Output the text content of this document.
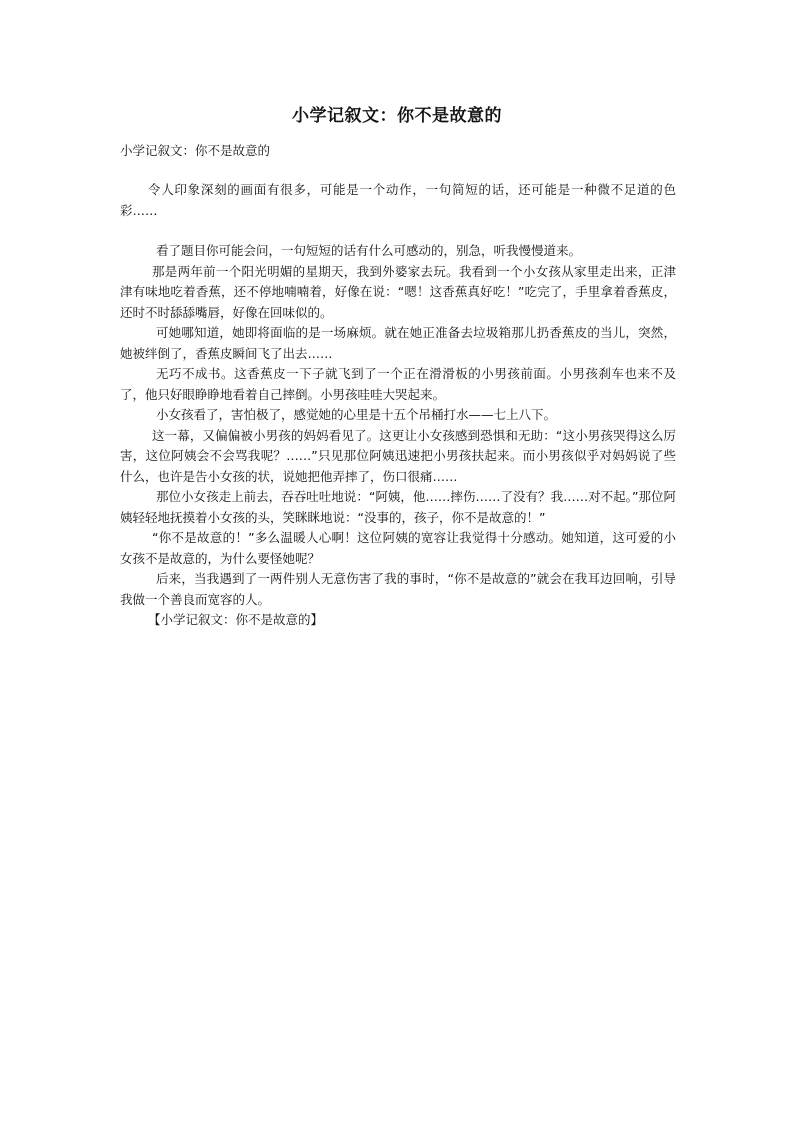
小学记叙文：你不是故意的
小学记叙文：你不是故意的

令人印象深刻的画面有很多，可能是一个动作，一句简短的话，还可能是一种微不足道的色彩……

看了题目你可能会问，一句短短的话有什么可感动的，别急，听我慢慢道来。

那是两年前一个阳光明媚的星期天，我到外婆家去玩。我看到一个小女孩从家里走出来，正津津有味地吃着香蕉，还不停地喃喃着，好像在说：“嗯！这香蕉真好吃！”吃完了，手里拿着香蕉皮，还时不时舔舔嘴唇，好像在回味似的。

可她哪知道，她即将面临的是一场麻烦。就在她正准备去垃圾箱那儿扔香蕉皮的当儿，突然，她被绊倒了，香蕉皮瞬间飞了出去……

无巧不成书。这香蕉皮一下子就飞到了一个正在滑滑板的小男孩前面。小男孩刹车也来不及了，他只好眼睁睁地看着自己摔倒。小男孩哇哇大哭起来。

小女孩看了，害怕极了，感觉她的心里是十五个吊桶打水——七上八下。

这一幕，又偏偏被小男孩的妈妈看见了。这更让小女孩感到恐惧和无助：“这小男孩哭得这么厉害，这位阿姨会不会骂我呢？……”只见那位阿姨迅速把小男孩扶起来。而小男孩似乎对妈妈说了些什么，也许是告小女孩的状，说她把他弄摔了，伤口很痛……

那位小女孩走上前去，吞吞吐吐地说：“阿姨，他……摔伤……了没有？我……对不起。”那位阿姨轻轻地抚摸着小女孩的头，笑眯眯地说：“没事的，孩子，你不是故意的！”

“你不是故意的！”多么温暖人心啊！这位阿姨的宽容让我觉得十分感动。她知道，这可爱的小女孩不是故意的，为什么要怪她呢？

后来，当我遇到了一两件别人无意伤害了我的事时，“你不是故意的”就会在我耳边回响，引导我做一个善良而宽容的人。

【小学记叙文：你不是故意的】
